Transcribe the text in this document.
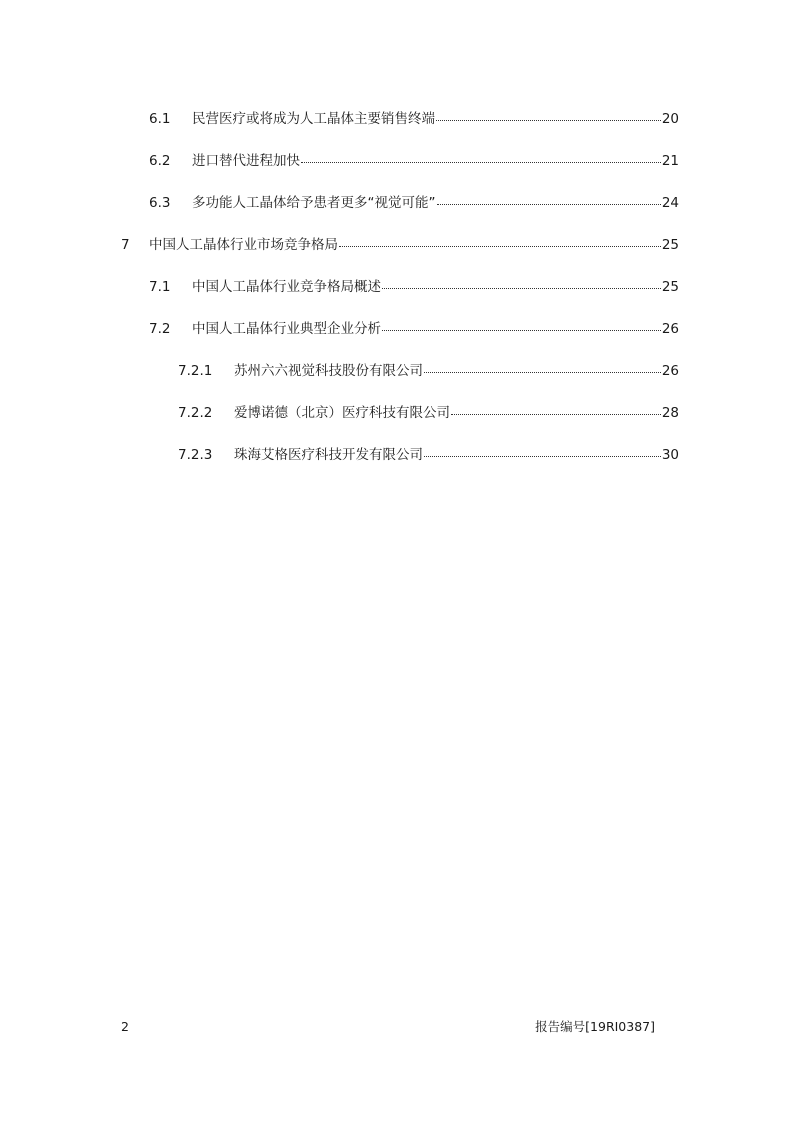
6.1	民营医疗或将成为人工晶体主要销售终端	20
6.2	进口替代进程加快	21
6.3	多功能人工晶体给予患者更多“视觉可能”	24
7	中国人工晶体行业市场竞争格局	25
7.1	中国人工晶体行业竞争格局概述	25
7.2	中国人工晶体行业典型企业分析	26
7.2.1	苏州六六视觉科技股份有限公司	26
7.2.2	爱博诺德（北京）医疗科技有限公司	28
7.2.3	珠海艾格医疗科技开发有限公司	30
2	报告编号[19RI0387]
